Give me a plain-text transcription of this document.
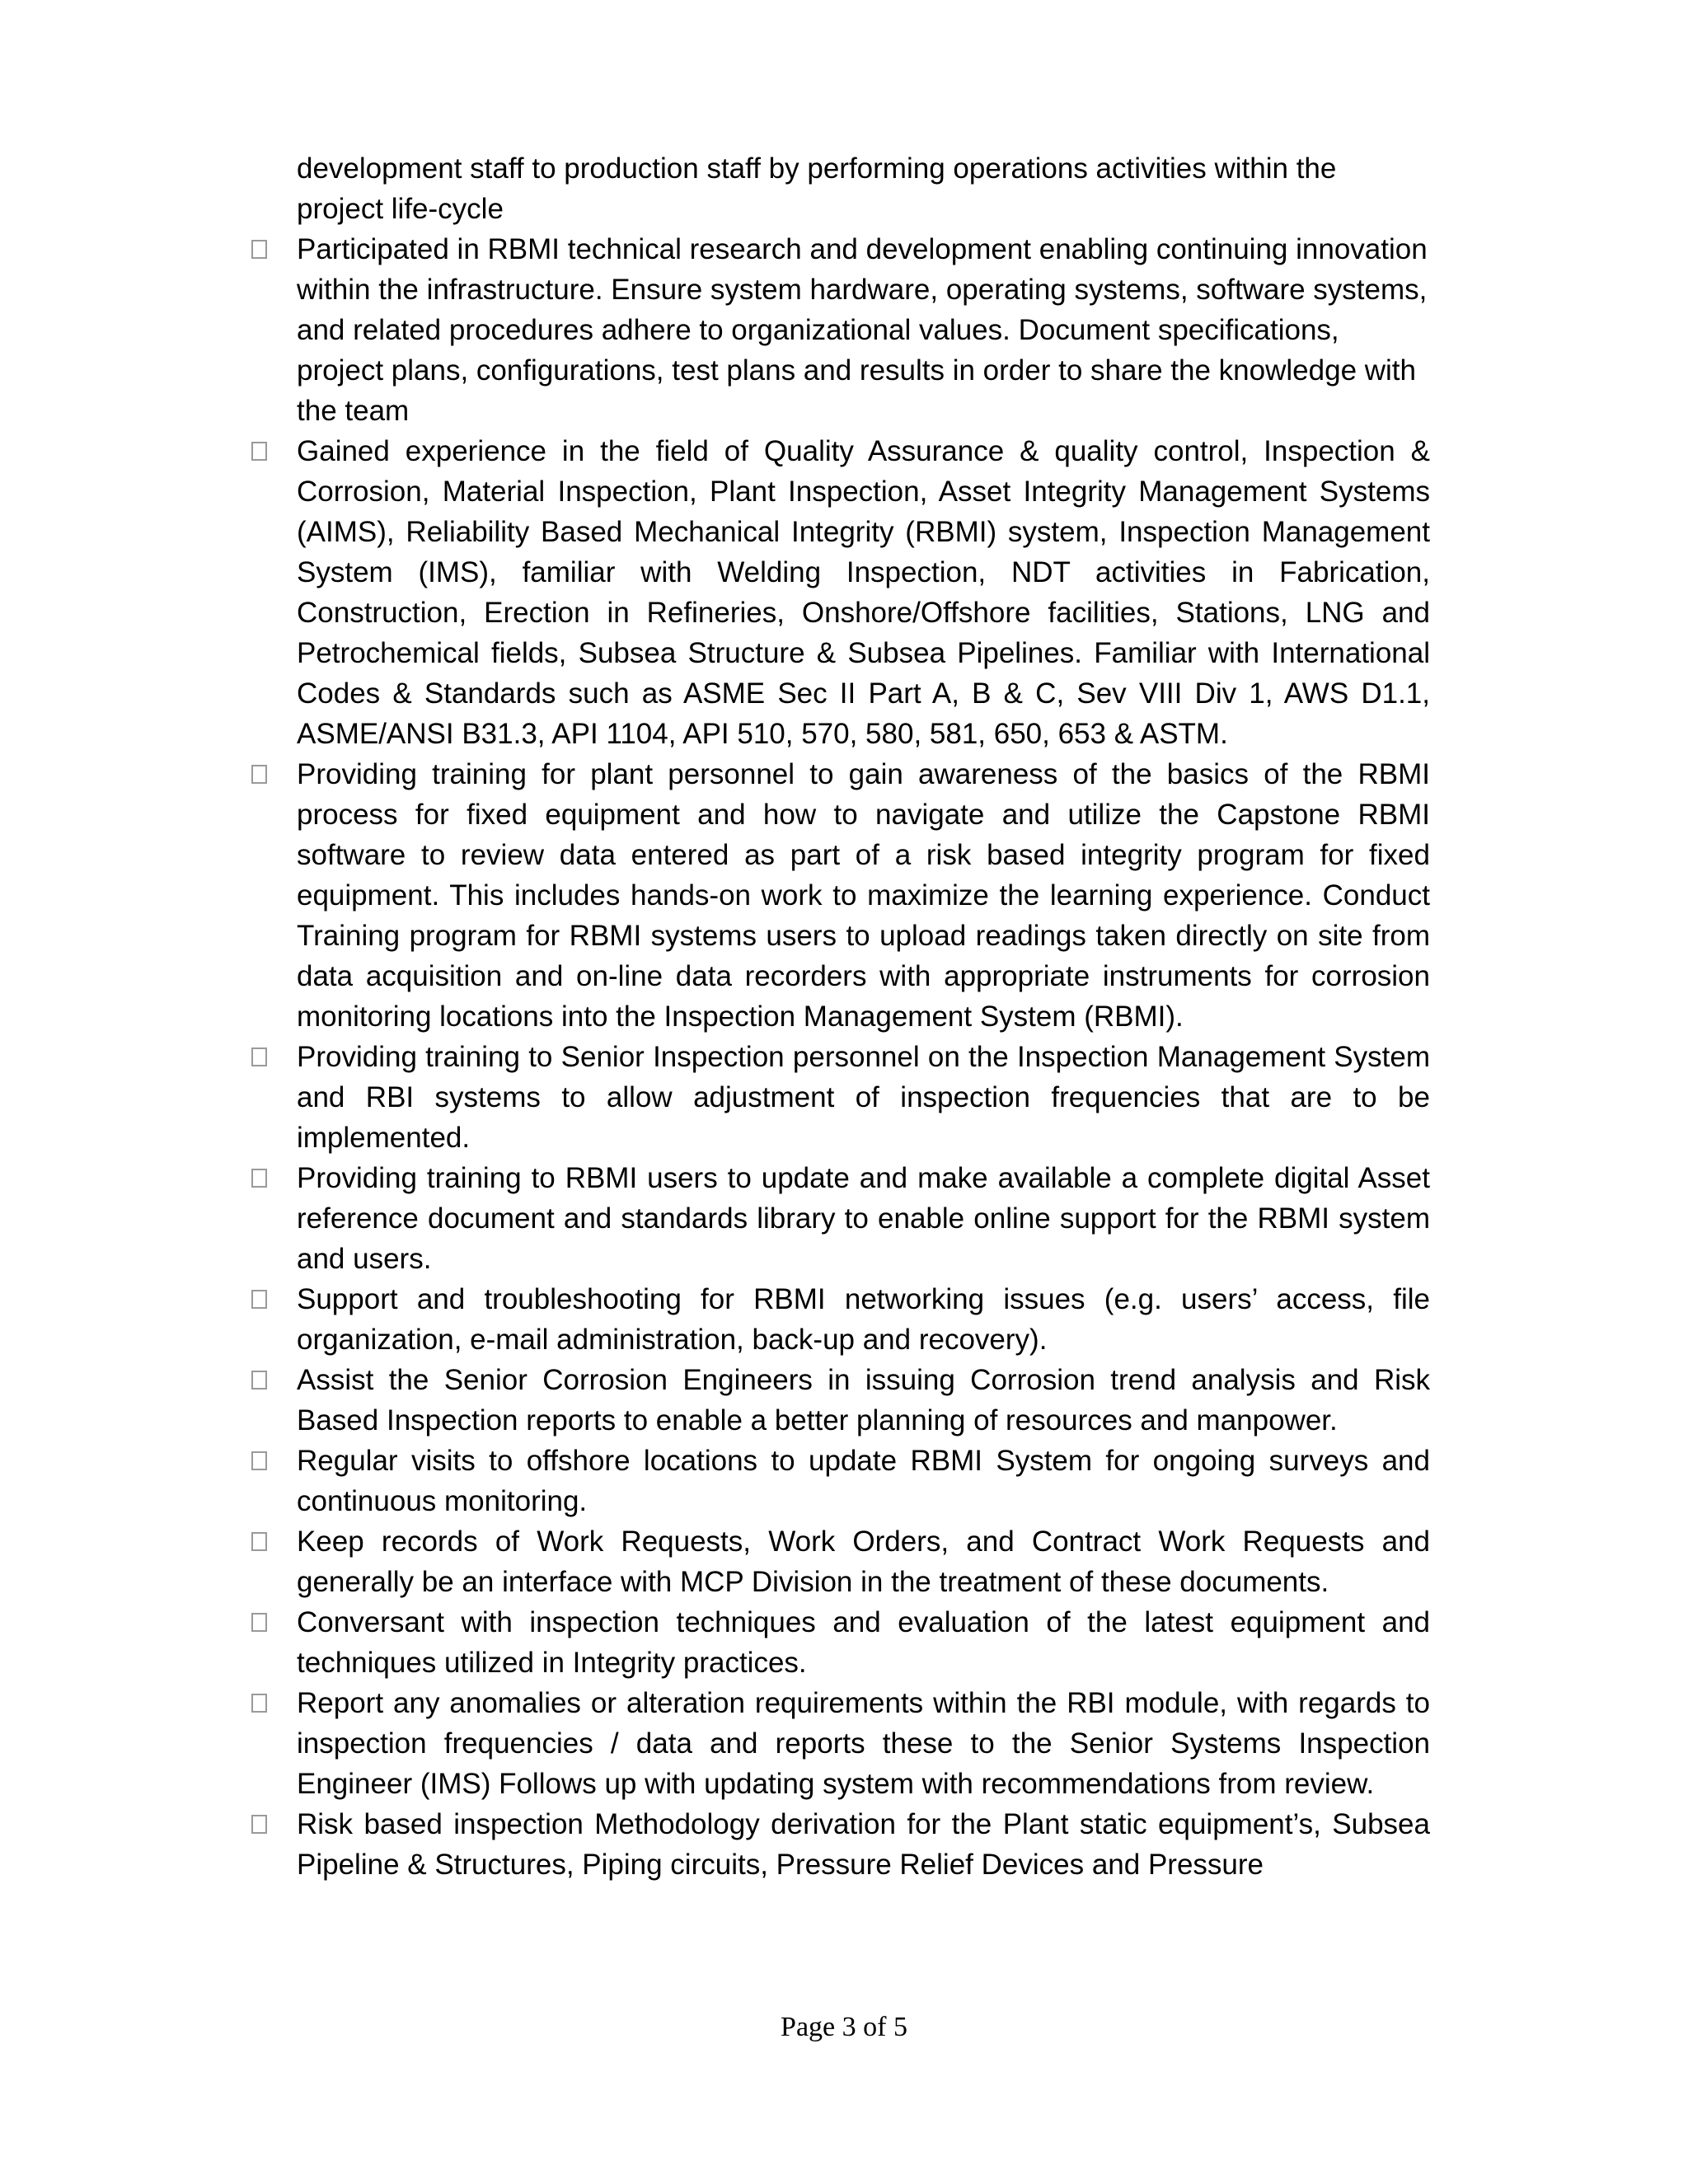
development staff to production staff by performing operations activities within the project life-cycle
Participated in RBMI technical research and development enabling continuing innovation within the infrastructure. Ensure system hardware, operating systems, software systems, and related procedures adhere to organizational values. Document specifications, project plans, configurations, test plans and results in order to share the knowledge with the team
Gained experience in the field of Quality Assurance & quality control, Inspection & Corrosion, Material Inspection, Plant Inspection, Asset Integrity Management Systems (AIMS), Reliability Based Mechanical Integrity (RBMI) system, Inspection Management System (IMS), familiar with Welding Inspection, NDT activities in Fabrication, Construction, Erection in Refineries, Onshore/Offshore facilities, Stations, LNG and Petrochemical fields, Subsea Structure & Subsea Pipelines. Familiar with International Codes & Standards such as ASME Sec II Part A, B & C, Sev VIII Div 1, AWS D1.1, ASME/ANSI B31.3, API 1104, API 510, 570, 580, 581, 650, 653 & ASTM.
Providing training for plant personnel to gain awareness of the basics of the RBMI process for fixed equipment and how to navigate and utilize the Capstone RBMI software to review data entered as part of a risk based integrity program for fixed equipment. This includes hands-on work to maximize the learning experience. Conduct Training program for RBMI systems users to upload readings taken directly on site from data acquisition and on-line data recorders with appropriate instruments for corrosion monitoring locations into the Inspection Management System (RBMI).
Providing training to Senior Inspection personnel on the Inspection Management System and RBI systems to allow adjustment of inspection frequencies that are to be implemented.
Providing training to RBMI users to update and make available a complete digital Asset reference document and standards library to enable online support for the RBMI system and users.
Support and troubleshooting for RBMI networking issues (e.g. users’ access, file organization, e-mail administration, back-up and recovery).
Assist the Senior Corrosion Engineers in issuing Corrosion trend analysis and Risk Based Inspection reports to enable a better planning of resources and manpower.
Regular visits to offshore locations to update RBMI System for ongoing surveys and continuous monitoring.
Keep records of Work Requests, Work Orders, and Contract Work Requests and generally be an interface with MCP Division in the treatment of these documents.
Conversant with inspection techniques and evaluation of the latest equipment and techniques utilized in Integrity practices.
Report any anomalies or alteration requirements within the RBI module, with regards to inspection frequencies / data and reports these to the Senior Systems Inspection Engineer (IMS) Follows up with updating system with recommendations from review.
Risk based inspection Methodology derivation for the Plant static equipment’s, Subsea Pipeline & Structures, Piping circuits, Pressure Relief Devices and Pressure
Page 3 of 5
